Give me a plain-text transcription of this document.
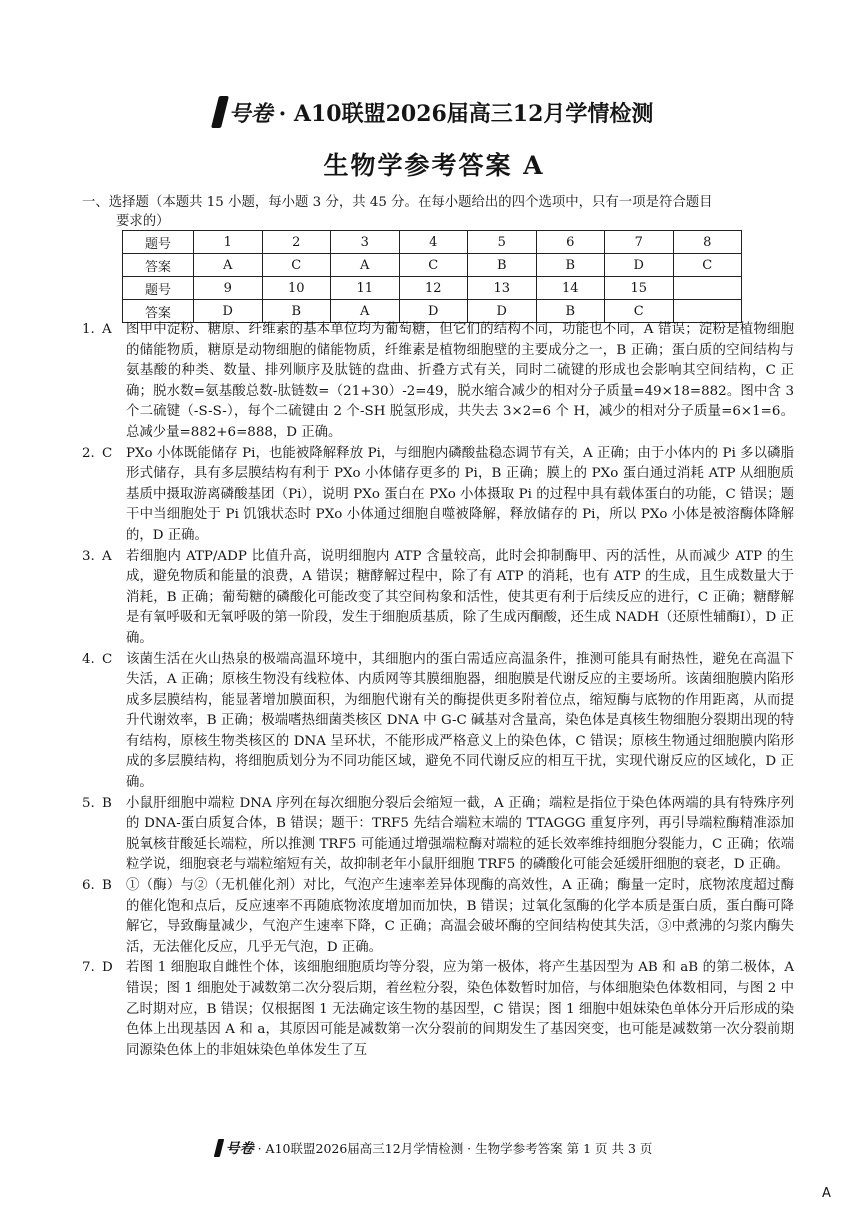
号卷 · A10联盟2026届高三12月学情检测
生物学参考答案 A
一、选择题（本题共 15 小题，每小题 3 分，共 45 分。在每小题给出的四个选项中，只有一项是符合题目
要求的）
题号	1	2	3	4	5	6	7	8
答案	A	C	A	C	B	B	D	C
题号	9	10	11	12	13	14	15	
答案	D	B	A	D	D	B	C	
1. A	图甲中淀粉、糖原、纤维素的基本单位均为葡萄糖，但它们的结构不同，功能也不同，A 错误；淀粉是植物细胞的储能物质，糖原是动物细胞的储能物质，纤维素是植物细胞壁的主要成分之一，B 正确；蛋白质的空间结构与氨基酸的种类、数量、排列顺序及肽链的盘曲、折叠方式有关，同时二硫键的形成也会影响其空间结构，C 正确；脱水数=氨基酸总数-肽链数=（21+30）-2=49，脱水缩合减少的相对分子质量=49×18=882。图中含 3 个二硫键（-S-S-），每个二硫键由 2 个-SH 脱氢形成，共失去 3×2=6 个 H，减少的相对分子质量=6×1=6。总减少量=882+6=888，D 正确。
2. C	PXo 小体既能储存 Pi，也能被降解释放 Pi，与细胞内磷酸盐稳态调节有关，A 正确；由于小体内的 Pi 多以磷脂形式储存，具有多层膜结构有利于 PXo 小体储存更多的 Pi，B 正确；膜上的 PXo 蛋白通过消耗 ATP 从细胞质基质中摄取游离磷酸基团（Pi），说明 PXo 蛋白在 PXo 小体摄取 Pi 的过程中具有载体蛋白的功能，C 错误；题干中当细胞处于 Pi 饥饿状态时 PXo 小体通过细胞自噬被降解，释放储存的 Pi，所以 PXo 小体是被溶酶体降解的，D 正确。
3. A	若细胞内 ATP/ADP 比值升高，说明细胞内 ATP 含量较高，此时会抑制酶甲、丙的活性，从而减少 ATP 的生成，避免物质和能量的浪费，A 错误；糖酵解过程中，除了有 ATP 的消耗，也有 ATP 的生成，且生成数量大于消耗，B 正确；葡萄糖的磷酸化可能改变了其空间构象和活性，使其更有利于后续反应的进行，C 正确；糖酵解是有氧呼吸和无氧呼吸的第一阶段，发生于细胞质基质，除了生成丙酮酸，还生成 NADH（还原性辅酶Ⅰ），D 正确。
4. C	该菌生活在火山热泉的极端高温环境中，其细胞内的蛋白需适应高温条件，推测可能具有耐热性，避免在高温下失活，A 正确；原核生物没有线粒体、内质网等其膜细胞器，细胞膜是代谢反应的主要场所。该菌细胞膜内陷形成多层膜结构，能显著增加膜面积，为细胞代谢有关的酶提供更多附着位点，缩短酶与底物的作用距离，从而提升代谢效率，B 正确；极端嗜热细菌类核区 DNA 中 G-C 碱基对含量高，染色体是真核生物细胞分裂期出现的特有结构，原核生物类核区的 DNA 呈环状，不能形成严格意义上的染色体，C 错误；原核生物通过细胞膜内陷形成的多层膜结构，将细胞质划分为不同功能区域，避免不同代谢反应的相互干扰，实现代谢反应的区域化，D 正确。
5. B	小鼠肝细胞中端粒 DNA 序列在每次细胞分裂后会缩短一截，A 正确；端粒是指位于染色体两端的具有特殊序列的 DNA-蛋白质复合体，B 错误；题干：TRF5 先结合端粒末端的 TTAGGG 重复序列，再引导端粒酶精准添加脱氧核苷酸延长端粒，所以推测 TRF5 可能通过增强端粒酶对端粒的延长效率维持细胞分裂能力，C 正确；依端粒学说，细胞衰老与端粒缩短有关，故抑制老年小鼠肝细胞 TRF5 的磷酸化可能会延缓肝细胞的衰老，D 正确。
6. B	①（酶）与②（无机催化剂）对比，气泡产生速率差异体现酶的高效性，A 正确；酶量一定时，底物浓度超过酶的催化饱和点后，反应速率不再随底物浓度增加而加快，B 错误；过氧化氢酶的化学本质是蛋白质，蛋白酶可降解它，导致酶量减少，气泡产生速率下降，C 正确；高温会破坏酶的空间结构使其失活，③中煮沸的匀浆内酶失活，无法催化反应，几乎无气泡，D 正确。
7. D 若图 1 细胞取自雌性个体，该细胞细胞质均等分裂，应为第一极体，将产生基因型为 AB 和 aB 的第二极体，A 错误；图 1 细胞处于减数第二次分裂后期，着丝粒分裂，染色体数暂时加倍，与体细胞染色体数相同，与图 2 中乙时期对应，B 错误；仅根据图 1 无法确定该生物的基因型，C 错误；图 1 细胞中姐妹染色单体分开后形成的染色体上出现基因 A 和 a，其原因可能是减数第一次分裂前的间期发生了基因突变，也可能是减数第一次分裂前期同源染色体上的非姐妹染色单体发生了互
号卷 · A10联盟2026届高三12月学情检测 · 生物学参考答案 第 1 页 共 3 页
A
